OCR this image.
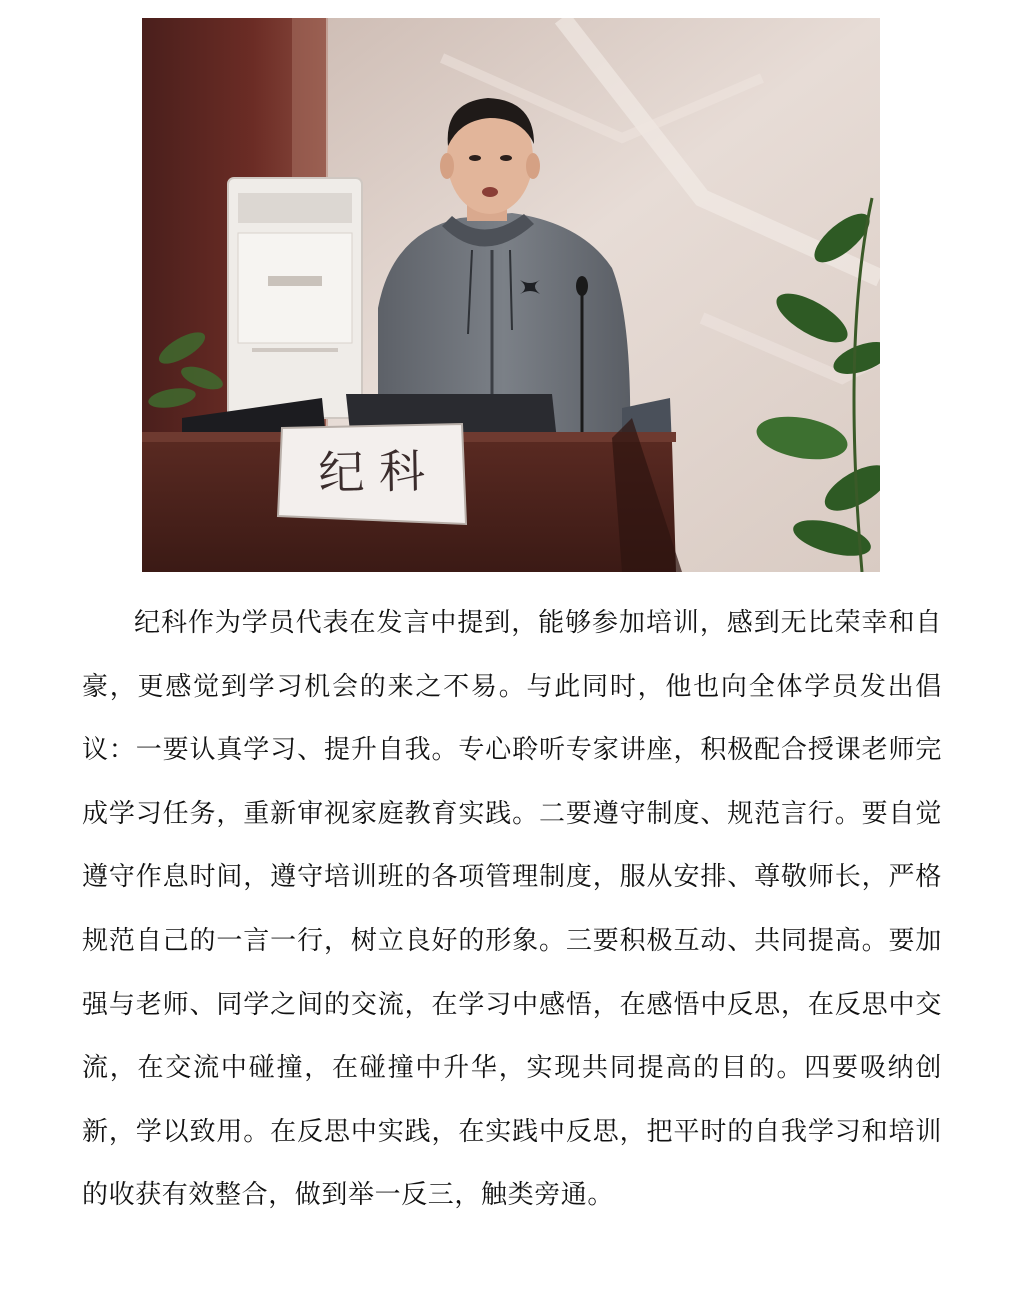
纪 科

纪科作为学员代表在发言中提到，能够参加培训，感到无比荣幸和自豪，更感觉到学习机会的来之不易。与此同时，他也向全体学员发出倡议：一要认真学习、提升自我。专心聆听专家讲座，积极配合授课老师完成学习任务，重新审视家庭教育实践。二要遵守制度、规范言行。要自觉遵守作息时间，遵守培训班的各项管理制度，服从安排、尊敬师长，严格规范自己的一言一行，树立良好的形象。三要积极互动、共同提高。要加强与老师、同学之间的交流，在学习中感悟，在感悟中反思，在反思中交流，在交流中碰撞，在碰撞中升华，实现共同提高的目的。四要吸纳创新，学以致用。在反思中实践，在实践中反思，把平时的自我学习和培训的收获有效整合，做到举一反三，触类旁通。
